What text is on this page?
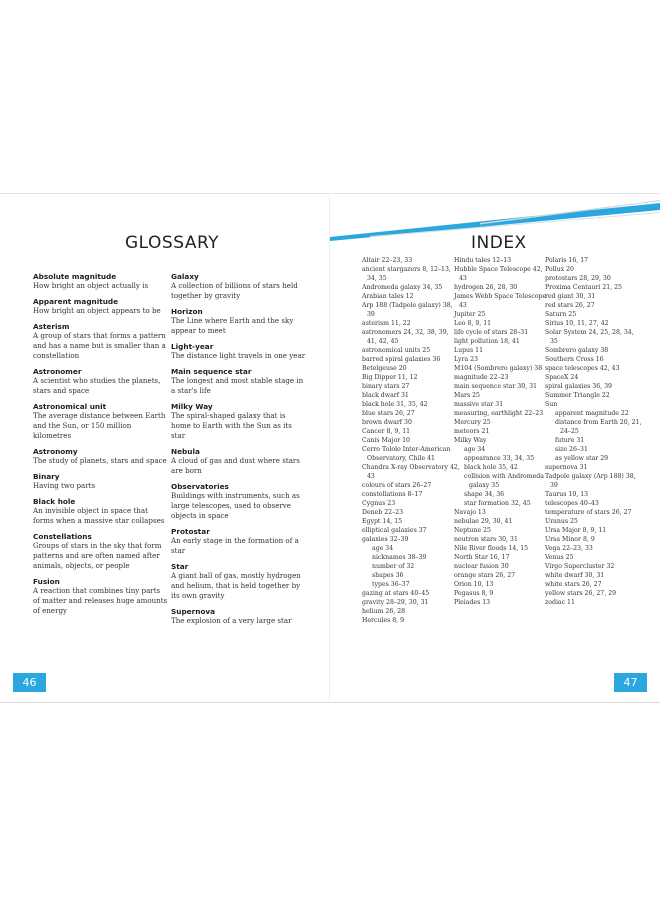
GLOSSARY	INDEX

Absolute magnitude

How bright an object actually is

Apparent magnitude

How bright an object appears to be

Asterism

A group of stars that forms a pattern and has a name but is smaller than a constellation

Astronomer

A scientist who studies the planets, stars and space

Astronomical unit

The average distance between Earth and the Sun, or 150 million kilometres

Astronomy

The study of planets, stars and space

Binary

Having two parts

Black hole

An invisible object in space that forms when a massive star collapses

Constellations

Groups of stars in the sky that form patterns and are often named after animals, objects, or people

Fusion

A reaction that combines tiny parts of matter and releases huge amounts of energy

Galaxy

A collection of billions of stars held together by gravity

Horizon

The Line where Earth and the sky appear to meet

Light-year

The distance light travels in one year

Main sequence star

The longest and most stable stage in a star's life

Milky Way

The spiral-shaped galaxy that is home to Earth with the Sun as its star

Nebula

A cloud of gas and dust where stars are born

Observatories

Buildings with instruments, such as large telescopes, used to observe objects in space

Protostar

An early stage in the formation of a star

Star

A giant ball of gas, mostly hydrogen and helium, that is held together by its own gravity

Supernova

The explosion of a very large star

Altair 22–23, 33

ancient stargazers 8, 12–13, 34, 35

Andromeda galaxy 34, 35

Arabian tales 12

Arp 188 (Tadpole galaxy) 38, 39

asterism 11, 22

astronomers 24, 32, 38, 39, 41, 42, 45

astronomical units 25

barred spiral galaxies 36

Betelgeuse 20

Big Dipper 11, 12

binary stars 27

black dwarf 31

black hole 31, 35, 42

blue stars 26, 27

brown dwarf 30

Cancer 8, 9, 11

Canis Major 10

Cerro Tololo Inter-American Observatory, Chile 41

Chandra X-ray Observatory 42, 43

colours of stars 26–27

constellations 8–17

Cygnus 23

Deneb 22–23

Egypt 14, 15

elliptical galaxies 37

galaxies 32–39

age 34

nicknames 38–39

number of 32

shapes 36

types 36–37

gazing at stars 40–45

gravity 28–29, 30, 31

helium 26, 28

Hercules 8, 9

Hindu tales 12–13

Hubble Space Telescope 42, 43

hydrogen 26, 28, 30

James Webb Space Telescope 43

Jupiter 25

Leo 8, 9, 11

life cycle of stars 28–31

light pollution 18, 41

Lupus 11

Lyra 23

M104 (Sombrero galaxy) 38

magnitude 22–23

main sequence star 30, 31

Mars 25

massive star 31

measuring, earthlight 22–23

Mercury 25

meteors 21

Milky Way

age 34

appearance 33, 34, 35

black hole 35, 42

collision with Andromeda galaxy 35

shape 34, 36

star formation 32, 45

Navajo 13

nebulae 29, 30, 41

Neptune 25

neutron stars 30, 31

Nile River floods 14, 15

North Star 16, 17

nuclear fusion 30

orange stars 26, 27

Orion 10, 13

Pegasus 8, 9

Pleiades 13

Polaris 16, 17

Pollux 20

protostars 28, 29, 30

Proxima Centauri 21, 25

red giant 30, 31

red stars 26, 27

Saturn 25

Sirius 10, 11, 27, 42

Solar System 24, 25, 28, 34, 35

Sombrero galaxy 38

Southern Cross 16

space telescopes 42, 43

SpaceX 24

spiral galaxies 36, 39

Summer Triangle 22

Sun

apparent magnitude 22

distance from Earth 20, 21, 24–25

future 31

size 26–31

as yellow star 29

supernova 31

Tadpole galaxy (Arp 188) 38, 39

Taurus 10, 13

telescopes 40–43

temperature of stars 26, 27

Uranus 25

Ursa Major 8, 9, 11

Ursa Minor 8, 9

Vega 22–23, 33

Venus 25

Virgo Supercluster 32

white dwarf 30, 31

white stars 26, 27

yellow stars 26, 27, 29

zodiac 11

46	47
